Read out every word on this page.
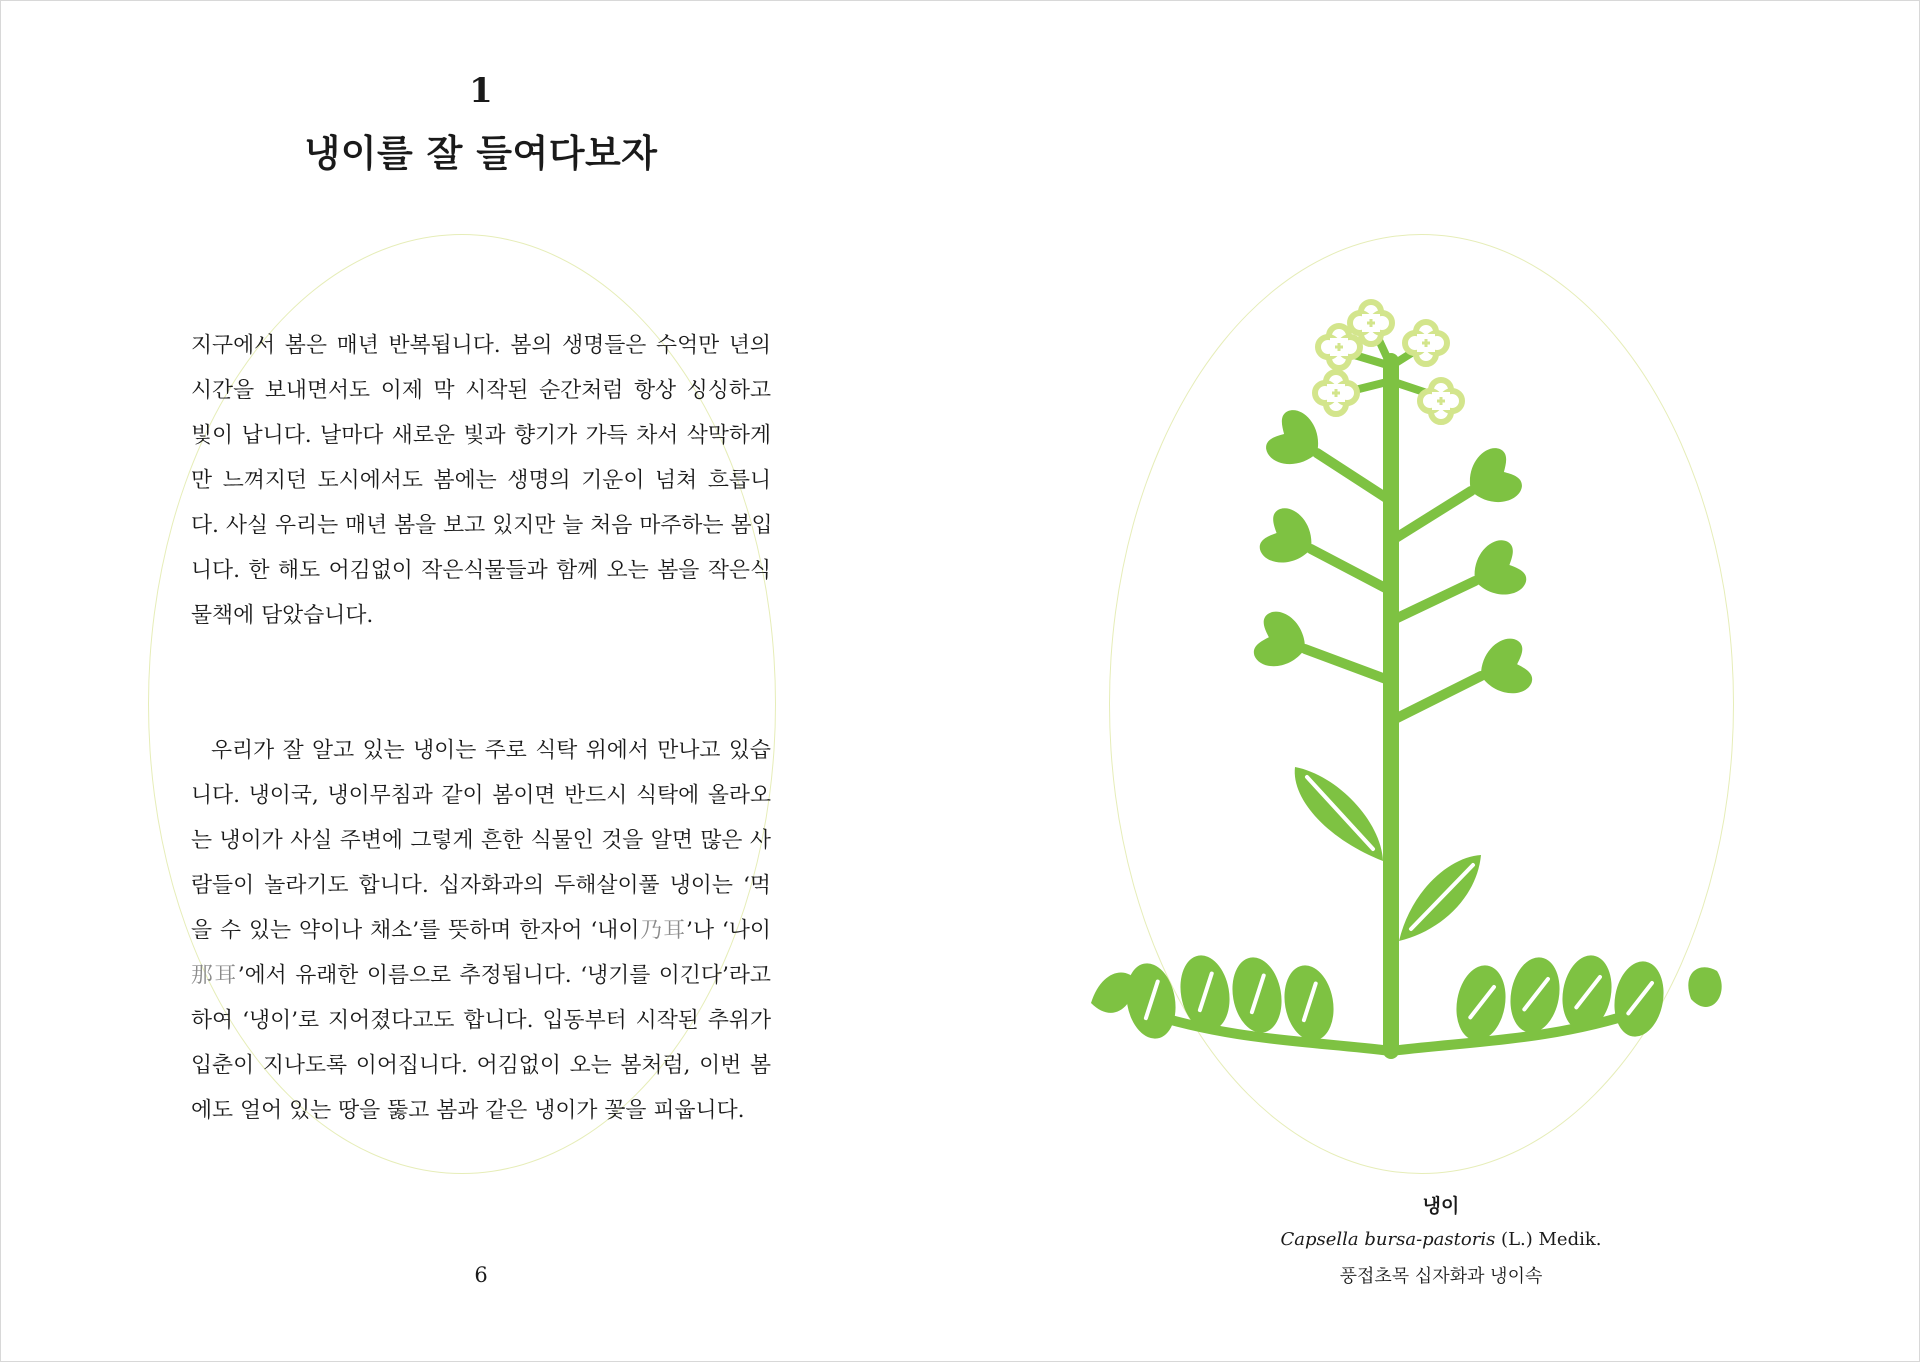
1
냉이를 잘 들여다보자
지구에서 봄은 매년 반복됩니다. 봄의 생명들은 수억만 년의
시간을 보내면서도 이제 막 시작된 순간처럼 항상 싱싱하고
빛이 납니다. 날마다 새로운 빛과 향기가 가득 차서 삭막하게
만 느껴지던 도시에서도 봄에는 생명의 기운이 넘쳐 흐릅니
다. 사실 우리는 매년 봄을 보고 있지만 늘 처음 마주하는 봄입
니다. 한 해도 어김없이 작은식물들과 함께 오는 봄을 작은식
물책에 담았습니다.
우리가 잘 알고 있는 냉이는 주로 식탁 위에서 만나고 있습
니다. 냉이국, 냉이무침과 같이 봄이면 반드시 식탁에 올라오
는 냉이가 사실 주변에 그렇게 흔한 식물인 것을 알면 많은 사
람들이 놀라기도 합니다. 십자화과의 두해살이풀 냉이는 ‘먹
을 수 있는 약이나 채소’를 뜻하며 한자어 ‘내이乃耳’나 ‘나이
那耳’에서 유래한 이름으로 추정됩니다. ‘냉기를 이긴다’라고
하여 ‘냉이’로 지어졌다고도 합니다. 입동부터 시작된 추위가
입춘이 지나도록 이어집니다. 어김없이 오는 봄처럼, 이번 봄
에도 얼어 있는 땅을 뚫고 봄과 같은 냉이가 꽃을 피웁니다.
6
냉이
Capsella bursa-pastoris (L.) Medik.
풍접초목 십자화과 냉이속
